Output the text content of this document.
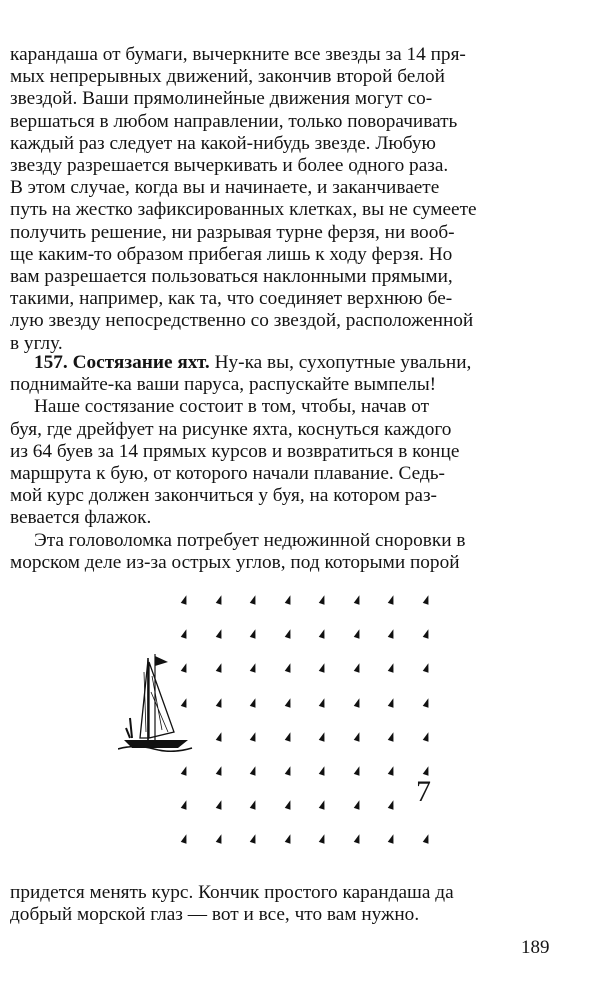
карандаша от бумаги, вычеркните все звезды за 14 пря-
мых непрерывных движений, закончив второй белой
звездой. Ваши прямолинейные движения могут со-
вершаться в любом направлении, только поворачивать
каждый раз следует на какой-нибудь звезде. Любую
звезду разрешается вычеркивать и более одного раза.
В этом случае, когда вы и начинаете, и заканчиваете
путь на жестко зафиксированных клетках, вы не сумеете
получить решение, ни разрывая турне ферзя, ни вооб-
ще каким-то образом прибегая лишь к ходу ферзя. Но
вам разрешается пользоваться наклонными прямыми,
такими, например, как та, что соединяет верхнюю бе-
лую звезду непосредственно со звездой, расположенной
в углу.

157. Состязание яхт. Ну-ка вы, сухопутные увальни,
поднимайте-ка ваши паруса, распускайте вымпелы!
Наше состязание состоит в том, чтобы, начав от
буя, где дрейфует на рисунке яхта, коснуться каждого
из 64 буев за 14 прямых курсов и возвратиться в конце
маршрута к бую, от которого начали плавание. Седь-
мой курс должен закончиться у буя, на котором раз-
вевается флажок.
Эта головоломка потребует недюжинной сноровки в
морском деле из-за острых углов, под которыми порой

7

придется менять курс. Кончик простого карандаша да
добрый морской глаз — вот и все, что вам нужно.

189
